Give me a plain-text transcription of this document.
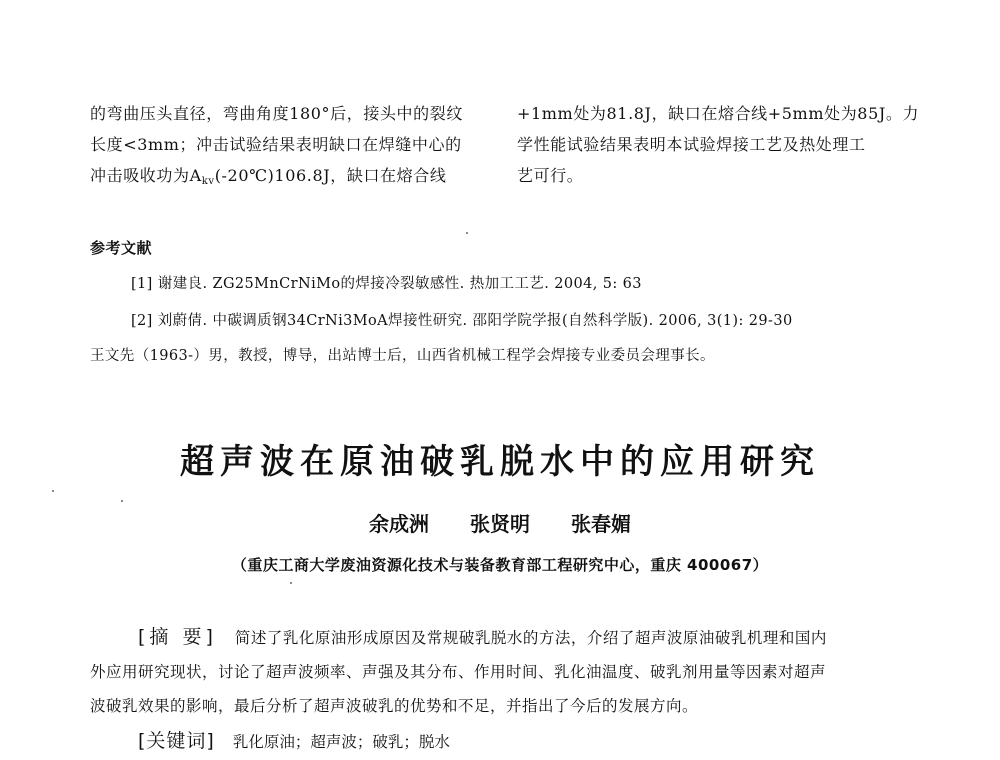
的弯曲压头直径，弯曲角度180°后，接头中的裂纹

长度<3mm；冲击试验结果表明缺口在焊缝中心的

冲击吸收功为$A_{kv}(-20℃)106.8J$，缺口在熔合线

+1mm处为81.8J，缺口在熔合线+5mm处为85J。力

学性能试验结果表明本试验焊接工艺及热处理工

艺可行。

参考文献
[1] 谢建良. ZG25MnCrNiMo的焊接冷裂敏感性. 热加工工艺. 2004, 5: 63
[2] 刘蔚倩. 中碳调质钢34CrNi3MoA焊接性研究. 邵阳学院学报(自然科学版). 2006, 3(1): 29-30
王文先（1963-）男，教授，博导，出站博士后，山西省机械工程学会焊接专业委员会理事长。
超声波在原油破乳脱水中的应用研究
余成洲 张贤明 张春媚
（重庆工商大学废油资源化技术与装备教育部工程研究中心，重庆 400067）

[摘 要] 简述了乳化原油形成原因及常规破乳脱水的方法，介绍了超声波原油破乳机理和国内

外应用研究现状，讨论了超声波频率、声强及其分布、作用时间、乳化油温度、破乳剂用量等因素对超声

波破乳效果的影响，最后分析了超声波破乳的优势和不足，并指出了今后的发展方向。

[关键词] 乳化原油；超声波；破乳；脱水
